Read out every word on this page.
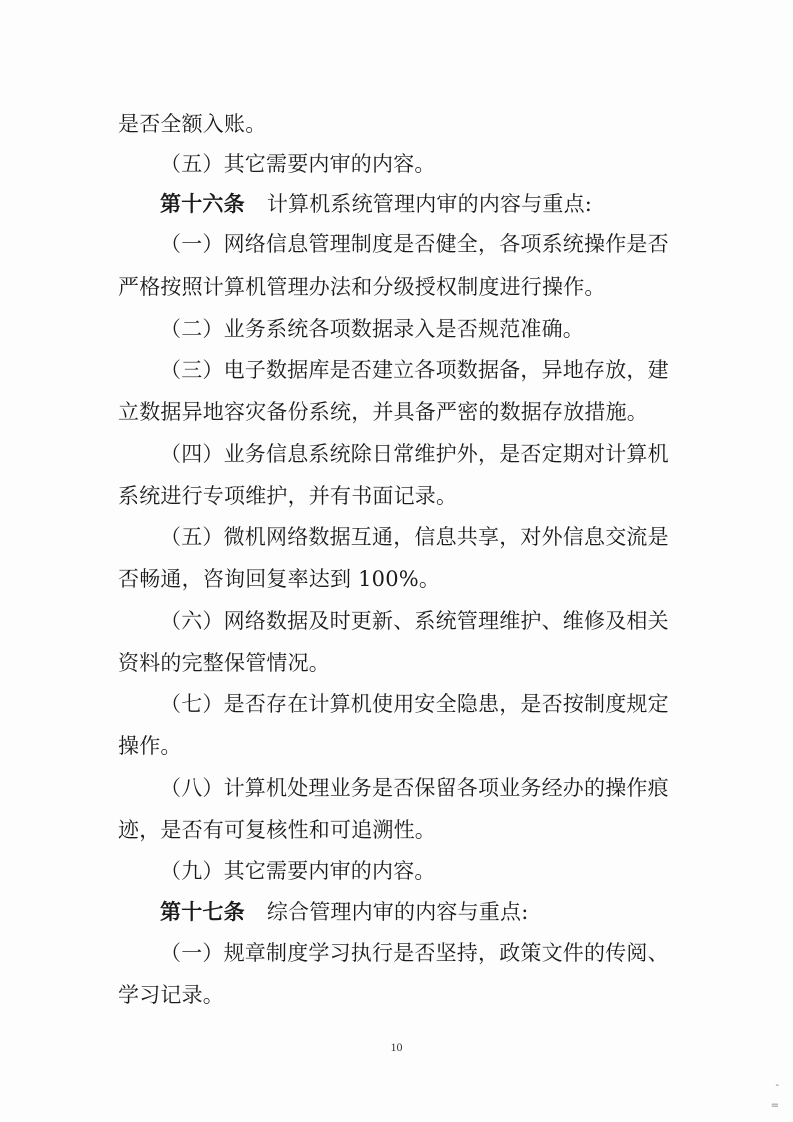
是否全额入账。
（五）其它需要内审的内容。
第十六条 计算机系统管理内审的内容与重点:
（一）网络信息管理制度是否健全，各项系统操作是否
严格按照计算机管理办法和分级授权制度进行操作。
（二）业务系统各项数据录入是否规范准确。
（三）电子数据库是否建立各项数据备，异地存放，建
立数据异地容灾备份系统，并具备严密的数据存放措施。
（四）业务信息系统除日常维护外，是否定期对计算机
系统进行专项维护，并有书面记录。
（五）微机网络数据互通，信息共享，对外信息交流是
否畅通，咨询回复率达到 100%。
（六）网络数据及时更新、系统管理维护、维修及相关
资料的完整保管情况。
（七）是否存在计算机使用安全隐患，是否按制度规定
操作。
（八）计算机处理业务是否保留各项业务经办的操作痕
迹，是否有可复核性和可追溯性。
（九）其它需要内审的内容。
第十七条 综合管理内审的内容与重点:
（一）规章制度学习执行是否坚持，政策文件的传阅、
学习记录。
10
-
=
